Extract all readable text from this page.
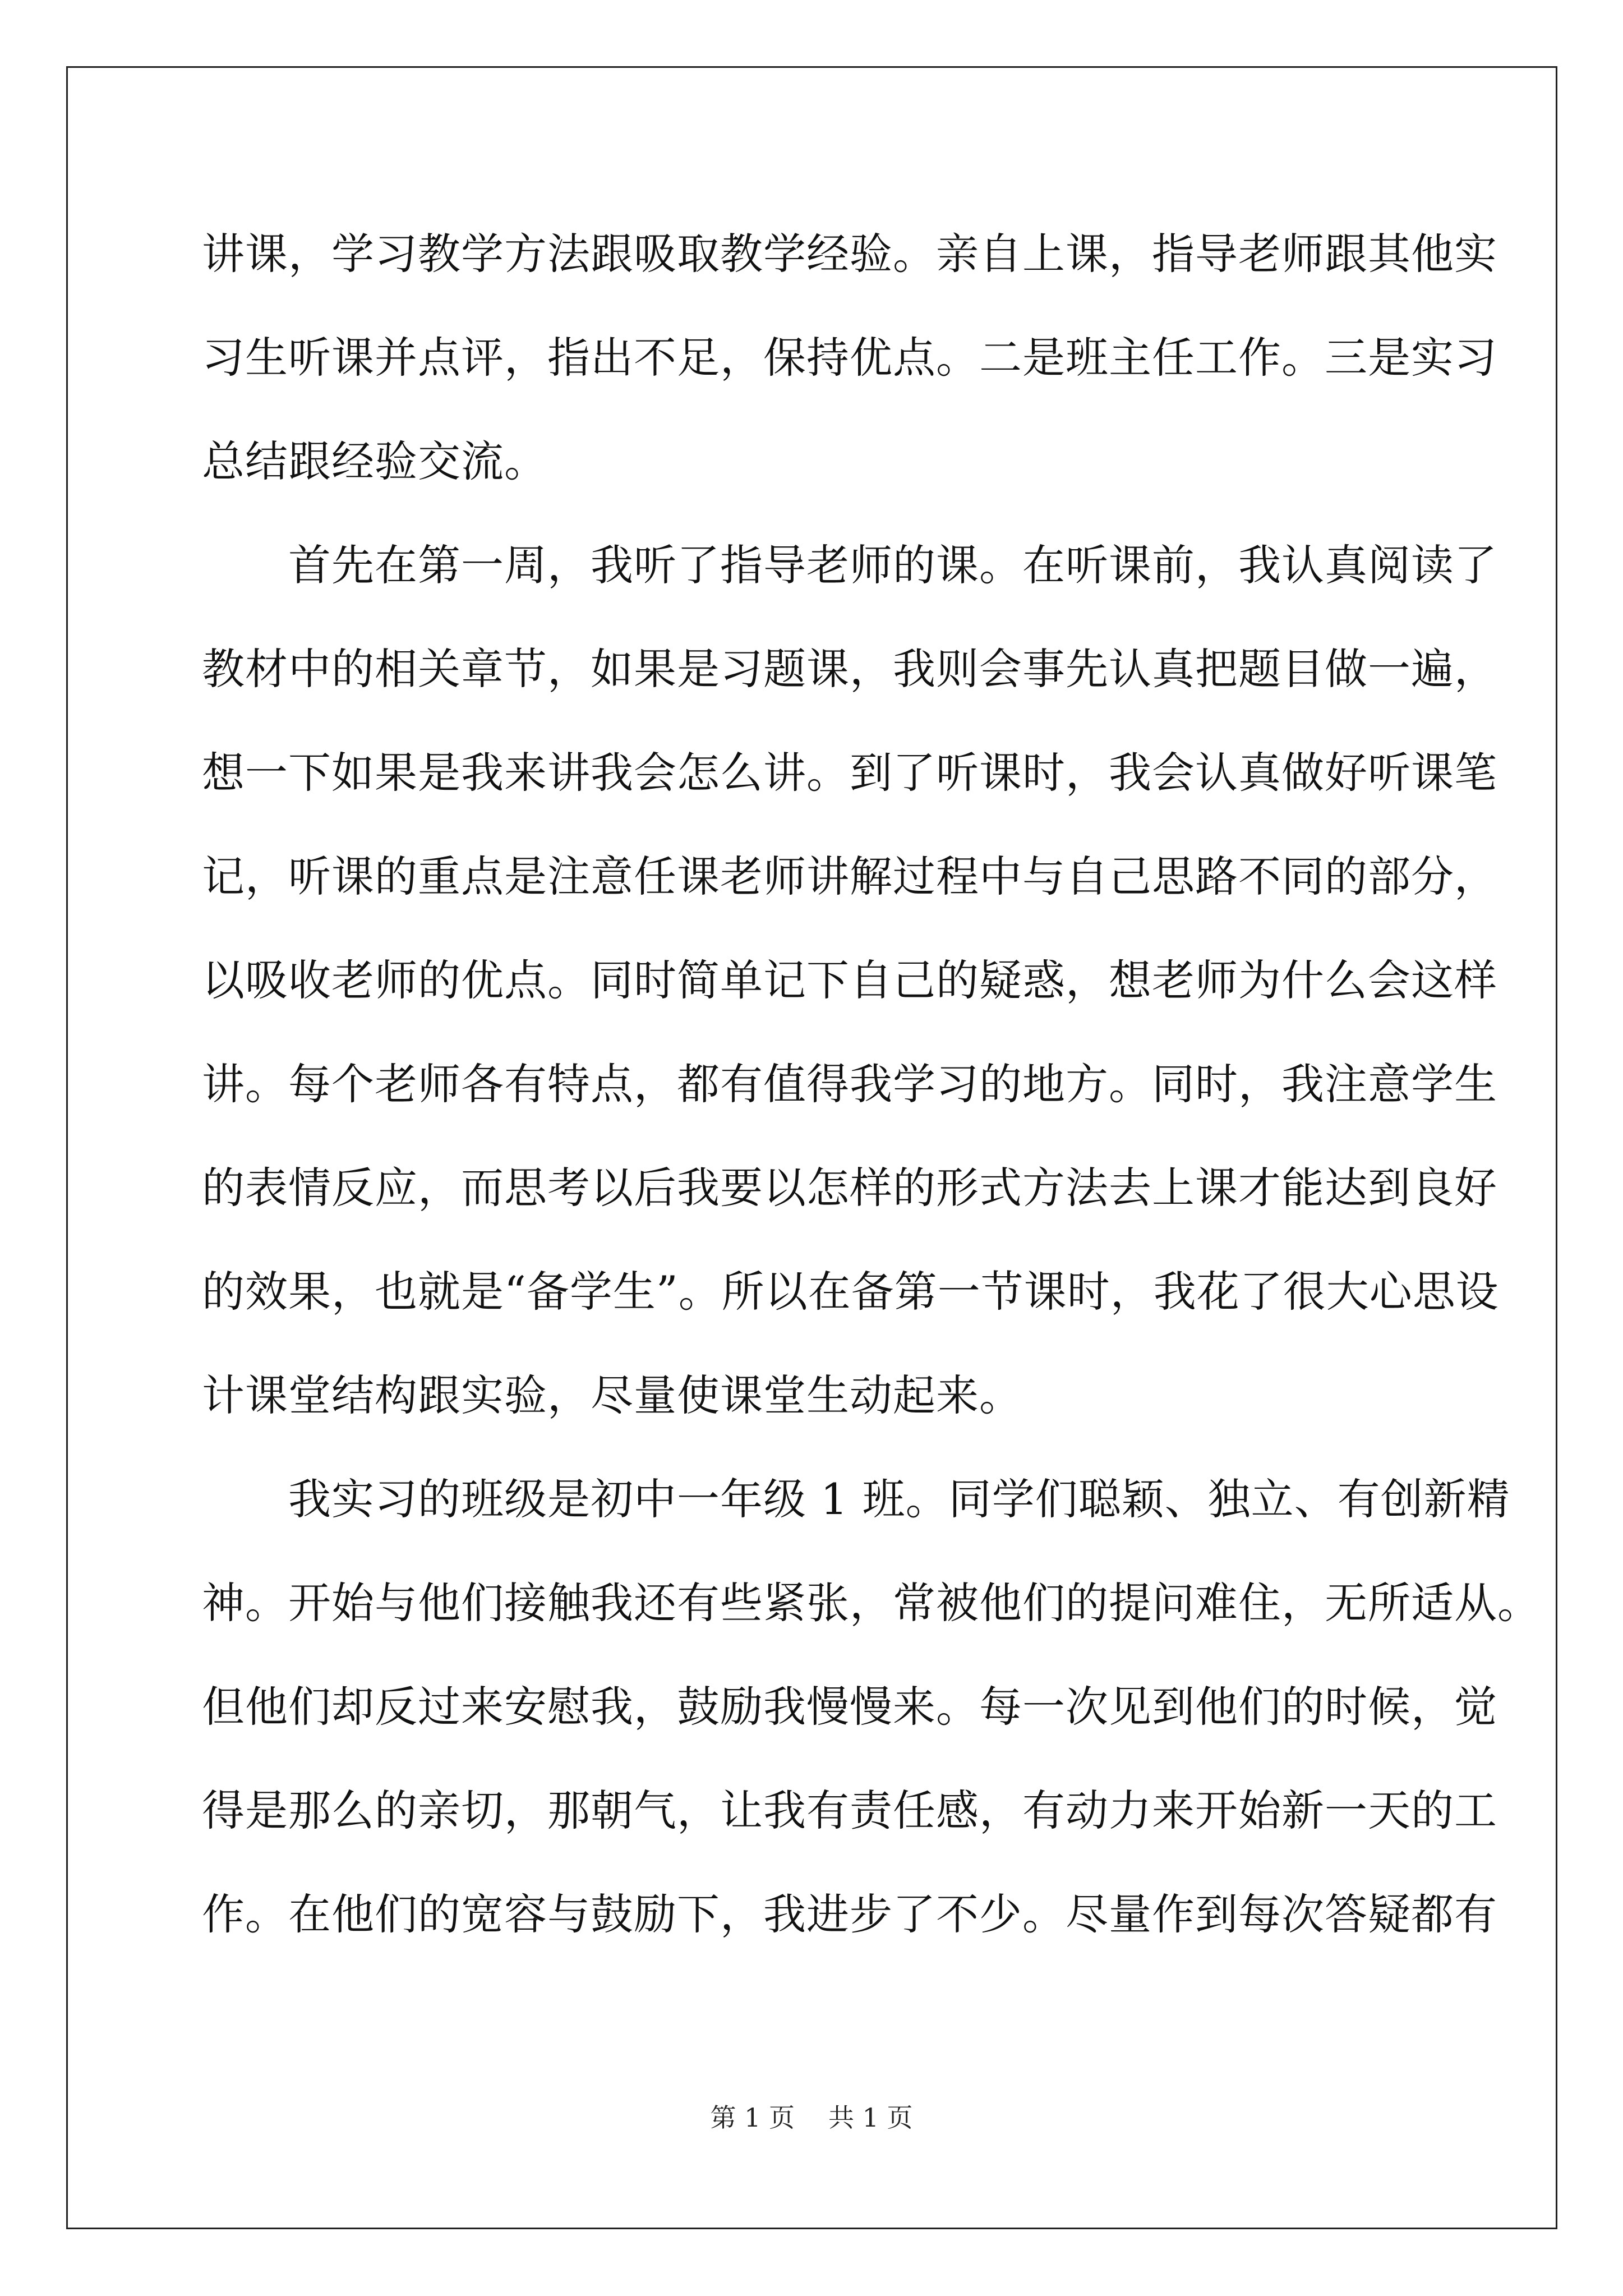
讲课，学习教学方法跟吸取教学经验。亲自上课，指导老师跟其他实
习生听课并点评，指出不足，保持优点。二是班主任工作。三是实习
总结跟经验交流。
　　首先在第一周，我听了指导老师的课。在听课前，我认真阅读了
教材中的相关章节，如果是习题课，我则会事先认真把题目做一遍，
想一下如果是我来讲我会怎么讲。到了听课时，我会认真做好听课笔
记，听课的重点是注意任课老师讲解过程中与自己思路不同的部分，
以吸收老师的优点。同时简单记下自己的疑惑，想老师为什么会这样
讲。每个老师各有特点，都有值得我学习的地方。同时，我注意学生
的表情反应，而思考以后我要以怎样的形式方法去上课才能达到良好
的效果，也就是“备学生”。所以在备第一节课时，我花了很大心思设
计课堂结构跟实验，尽量使课堂生动起来。
　　我实习的班级是初中一年级 1 班。同学们聪颖、独立、有创新精
神。开始与他们接触我还有些紧张，常被他们的提问难住，无所适从。
但他们却反过来安慰我，鼓励我慢慢来。每一次见到他们的时候，觉
得是那么的亲切，那朝气，让我有责任感，有动力来开始新一天的工
作。在他们的宽容与鼓励下，我进步了不少。尽量作到每次答疑都有
第 1 页 共 1 页
